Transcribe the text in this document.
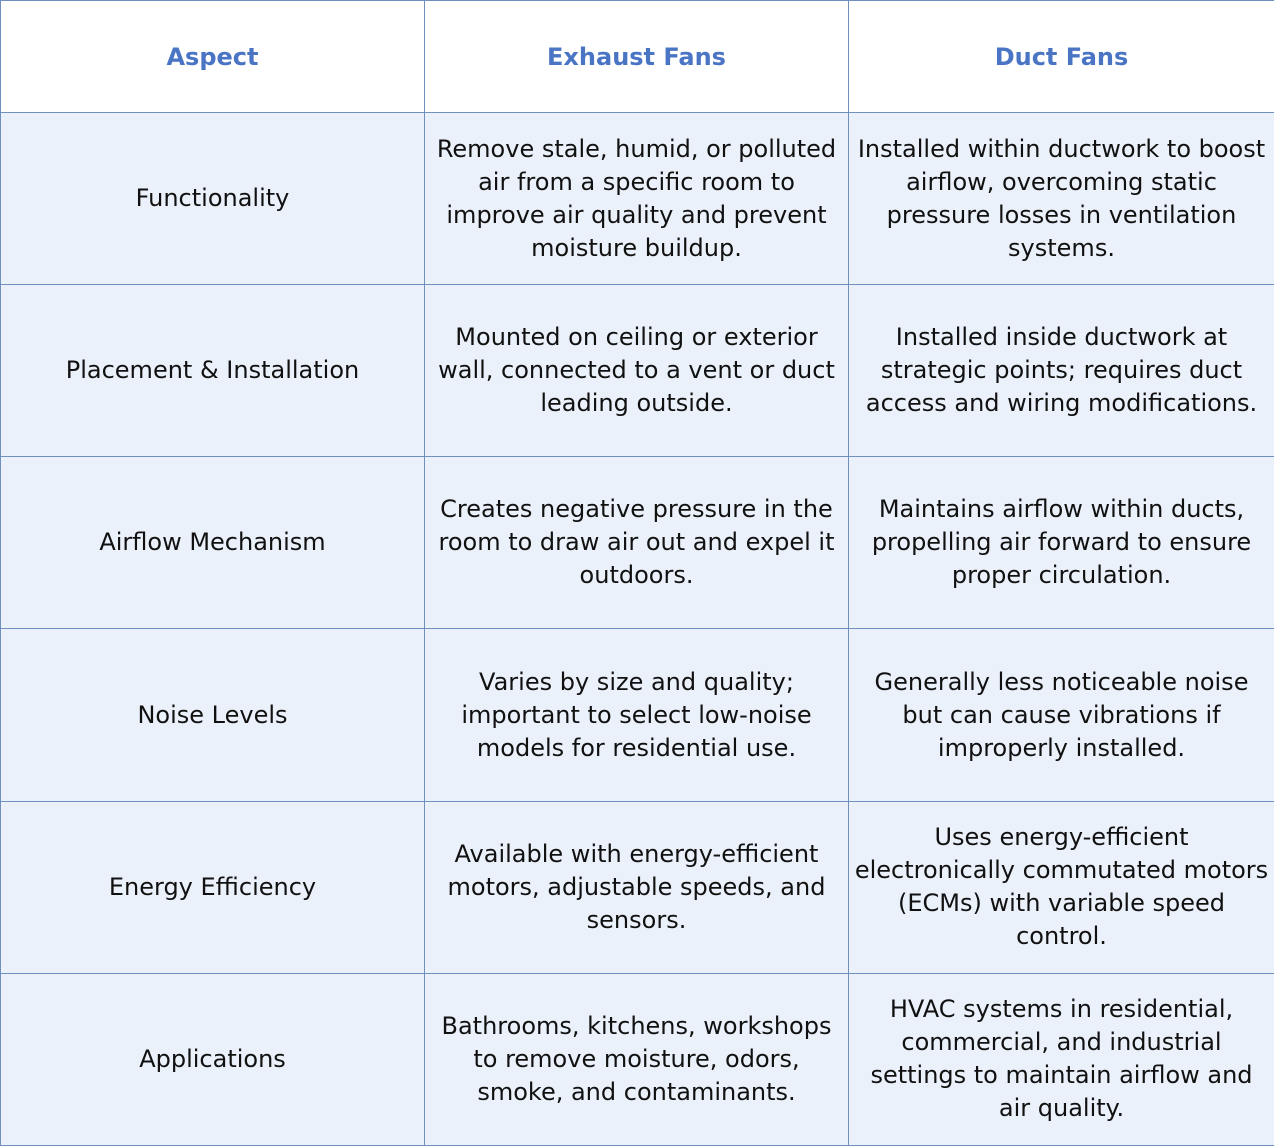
Aspect	Exhaust Fans	Duct Fans
Functionality	Remove stale, humid, or polluted air from a specific room to improve air quality and prevent moisture buildup.	Installed within ductwork to boost airflow, overcoming static pressure losses in ventilation systems.
Placement & Installation	Mounted on ceiling or exterior wall, connected to a vent or duct leading outside.	Installed inside ductwork at strategic points; requires duct access and wiring modifications.
Airflow Mechanism	Creates negative pressure in the room to draw air out and expel it outdoors.	Maintains airflow within ducts, propelling air forward to ensure proper circulation.
Noise Levels	Varies by size and quality; important to select low-noise models for residential use.	Generally less noticeable noise but can cause vibrations if improperly installed.
Energy Efficiency	Available with energy-efficient motors, adjustable speeds, and sensors.	Uses energy-efficient electronically commutated motors (ECMs) with variable speed control.
Applications	Bathrooms, kitchens, workshops to remove moisture, odors, smoke, and contaminants.	HVAC systems in residential, commercial, and industrial settings to maintain airflow and air quality.
